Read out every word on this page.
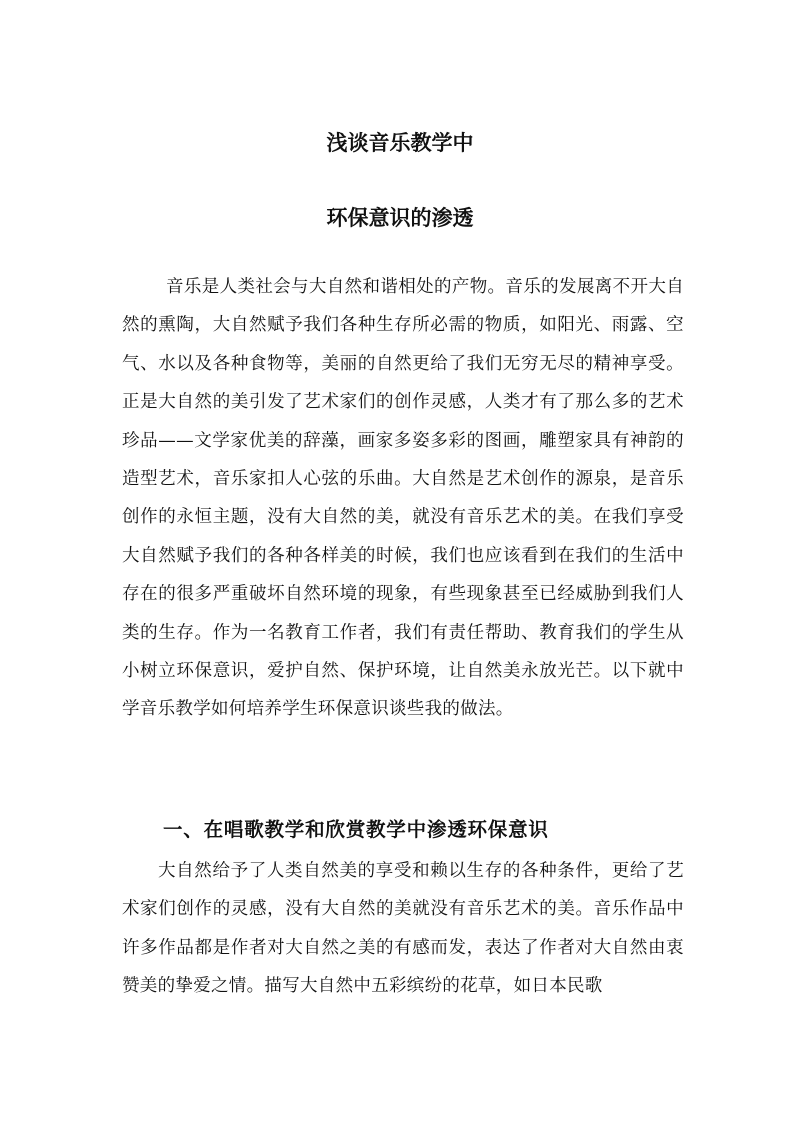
浅谈音乐教学中
环保意识的渗透

音乐是人类社会与大自然和谐相处的产物。音乐的发展离不开大自然的熏陶，大自然赋予我们各种生存所必需的物质，如阳光、雨露、空气、水以及各种食物等，美丽的自然更给了我们无穷无尽的精神享受。正是大自然的美引发了艺术家们的创作灵感，人类才有了那么多的艺术珍品——文学家优美的辞藻，画家多姿多彩的图画，雕塑家具有神韵的造型艺术，音乐家扣人心弦的乐曲。大自然是艺术创作的源泉，是音乐创作的永恒主题，没有大自然的美，就没有音乐艺术的美。在我们享受大自然赋予我们的各种各样美的时候，我们也应该看到在我们的生活中存在的很多严重破坏自然环境的现象，有些现象甚至已经威胁到我们人类的生存。作为一名教育工作者，我们有责任帮助、教育我们的学生从小树立环保意识，爱护自然、保护环境，让自然美永放光芒。以下就中学音乐教学如何培养学生环保意识谈些我的做法。

一、在唱歌教学和欣赏教学中渗透环保意识

大自然给予了人类自然美的享受和赖以生存的各种条件，更给了艺术家们创作的灵感，没有大自然的美就没有音乐艺术的美。音乐作品中许多作品都是作者对大自然之美的有感而发，表达了作者对大自然由衷赞美的挚爱之情。描写大自然中五彩缤纷的花草，如日本民歌
